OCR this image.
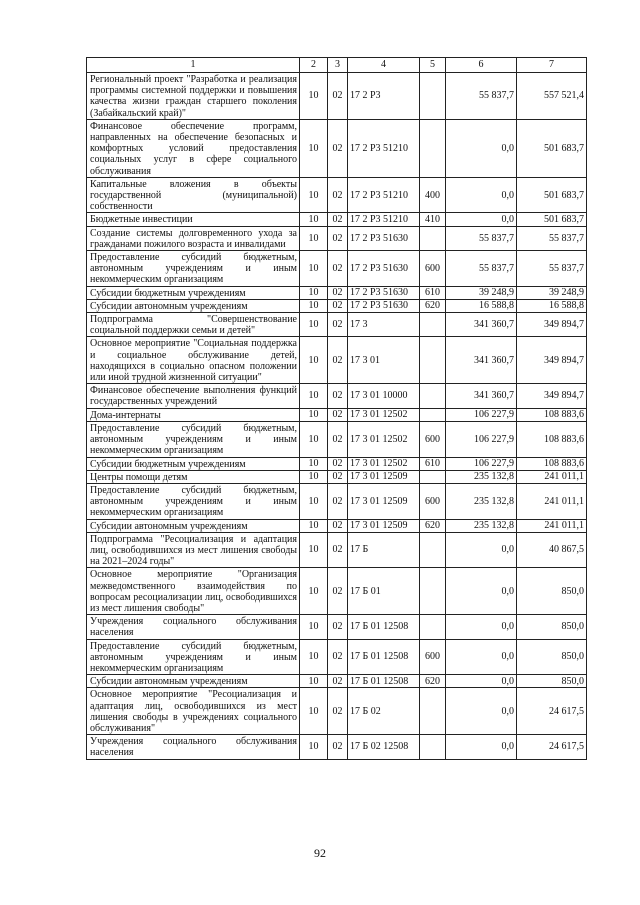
1	2	3	4	5	6	7
Региональный проект "Разработка и реализация программы системной поддержки и повышения качества жизни граждан старшего поколения (Забайкальский край)"	10	02	17 2 Р3		55 837,7	557 521,4
Финансовое обеспечение программ, направленных на обеспечение безопасных и комфортных условий предоставления социальных услуг в сфере социального обслуживания	10	02	17 2 Р3 51210		0,0	501 683,7
Капитальные вложения в объекты государственной (муниципальной) собственности	10	02	17 2 Р3 51210	400	0,0	501 683,7
Бюджетные инвестиции	10	02	17 2 Р3 51210	410	0,0	501 683,7
Создание системы долговременного ухода за гражданами пожилого возраста и инвалидами	10	02	17 2 Р3 51630		55 837,7	55 837,7
Предоставление субсидий бюджетным, автономным учреждениям и иным некоммерческим организациям	10	02	17 2 Р3 51630	600	55 837,7	55 837,7
Субсидии бюджетным учреждениям	10	02	17 2 Р3 51630	610	39 248,9	39 248,9
Субсидии автономным учреждениям	10	02	17 2 Р3 51630	620	16 588,8	16 588,8
Подпрограмма "Совершенствование социальной поддержки семьи и детей"	10	02	17 3		341 360,7	349 894,7
Основное мероприятие "Социальная поддержка и социальное обслуживание детей, находящихся в социально опасном положении или иной трудной жизненной ситуации"	10	02	17 3 01		341 360,7	349 894,7
Финансовое обеспечение выполнения функций государственных учреждений	10	02	17 3 01 10000		341 360,7	349 894,7
Дома-интернаты	10	02	17 3 01 12502		106 227,9	108 883,6
Предоставление субсидий бюджетным, автономным учреждениям и иным некоммерческим организациям	10	02	17 3 01 12502	600	106 227,9	108 883,6
Субсидии бюджетным учреждениям	10	02	17 3 01 12502	610	106 227,9	108 883,6
Центры помощи детям	10	02	17 3 01 12509		235 132,8	241 011,1
Предоставление субсидий бюджетным, автономным учреждениям и иным некоммерческим организациям	10	02	17 3 01 12509	600	235 132,8	241 011,1
Субсидии автономным учреждениям	10	02	17 3 01 12509	620	235 132,8	241 011,1
Подпрограмма "Ресоциализация и адаптация лиц, освободившихся из мест лишения свободы на 2021–2024 годы"	10	02	17 Б		0,0	40 867,5
Основное мероприятие "Организация межведомственного взаимодействия по вопросам ресоциализации лиц, освободившихся из мест лишения свободы"	10	02	17 Б 01		0,0	850,0
Учреждения социального обслуживания населения	10	02	17 Б 01 12508		0,0	850,0
Предоставление субсидий бюджетным, автономным учреждениям и иным некоммерческим организациям	10	02	17 Б 01 12508	600	0,0	850,0
Субсидии автономным учреждениям	10	02	17 Б 01 12508	620	0,0	850,0
Основное мероприятие "Ресоциализация и адаптация лиц, освободившихся из мест лишения свободы в учреждениях социального обслуживания"	10	02	17 Б 02		0,0	24 617,5
Учреждения социального обслуживания населения	10	02	17 Б 02 12508		0,0	24 617,5
92
